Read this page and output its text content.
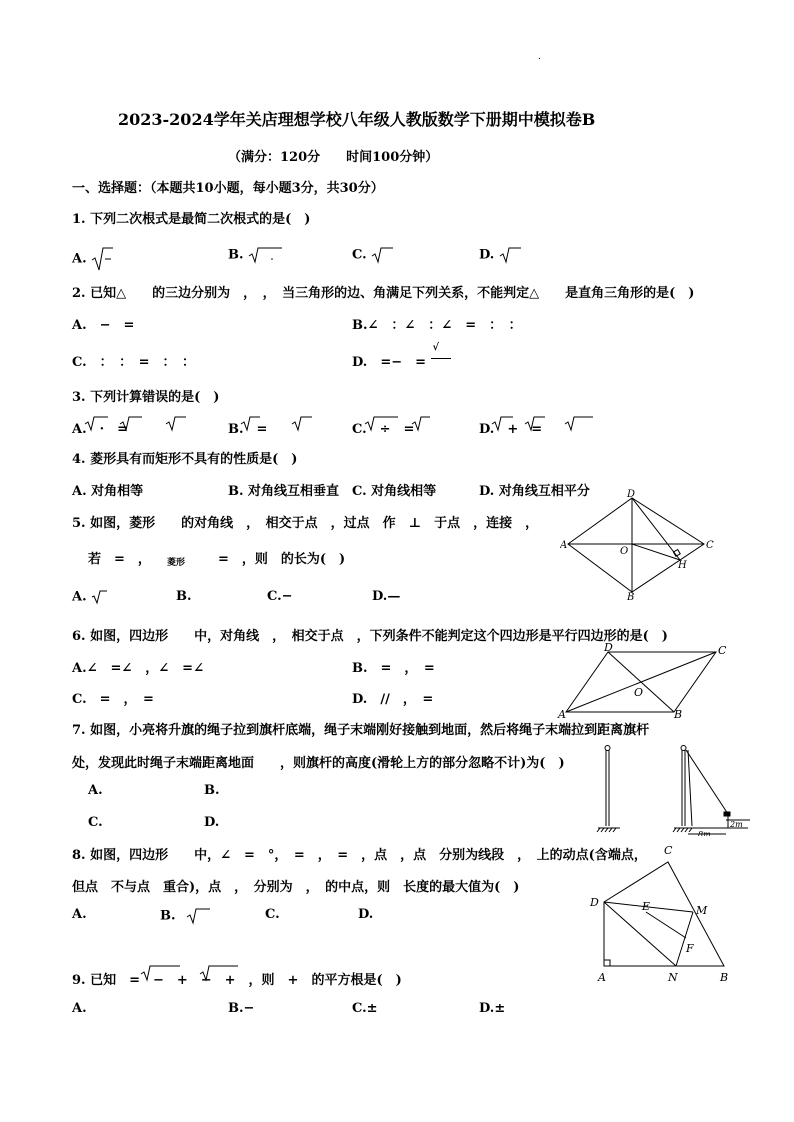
.
2023-2024学年关店理想学校八年级人教版数学下册期中模拟卷B
（满分：120分　　时间100分钟）
一、选择题：（本题共10小题，每小题3分，共30分）
1. 下列二次根式是最简二次根式的是(　)
A.	B.	C.	D.
2. 已知△　　的三边分别为　，　，　当三角形的边、角满足下列关系，不能判定△　　是直角三角形的是(　)
A.　−　=	B.∠　：∠　：∠　=　：　：
C.　：　：　=　：　：	D.　=−　=
√
3. 下列计算错误的是(　)
A.　·　=	B.　=　	C.　÷　=	D.　+　=
4. 菱形具有而矩形不具有的性质是(　)
A. 对角相等	B. 对角线互相垂直 C. 对角线相等	D. 对角线互相平分
5. 如图，菱形　　的对角线　，　相交于点　，过点　作　⊥　于点　，连接　，
若　=　， 菱形	=　，则　的长为(　)
A.	B.	C.−	D.—
A
D
C
B
O
H
6. 如图，四边形　　中，对角线　，　相交于点　，下列条件不能判定这个四边形是平行四边形的是(　)
A.∠　=∠　，∠　=∠	B.　=　，　=
C.　=　，　=	D.　//　，　=
A
D	C
B
O
7. 如图，小亮将升旗的绳子拉到旗杆底端，绳子末端刚好接触到地面，然后将绳子末端拉到距离旗杆
处，发现此时绳子末端距离地面　　，则旗杆的高度(滑轮上方的部分忽略不计)为(　)
A.	B.
C.	D.
8m
2m
8. 如图，四边形　　中，∠　=　°，　=　，　=　，点　，点　分别为线段　，　上的动点(含端点，
但点　不与点　重合)，点　，　分别为　，　的中点，则　长度的最大值为(　)
A.	B.	C.	D.
D
C
A	B
N
M
E
F
9. 已知　=　−　+　−　+　，则　+　的平方根是(　)
A.	B.−	C.±	D.±
